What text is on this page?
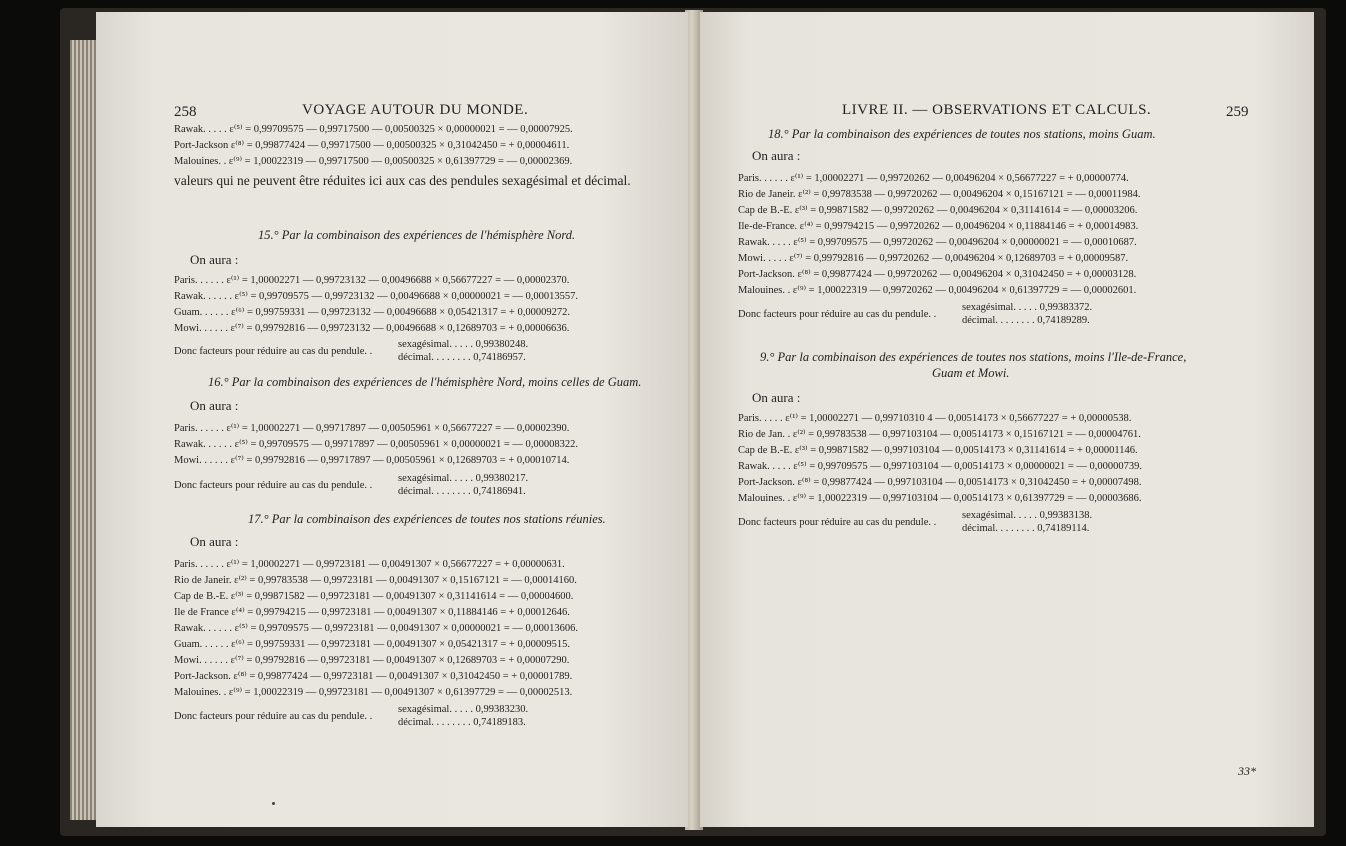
258	VOYAGE AUTOUR DU MONDE.
Rawak. . . . . ε⁽⁵⁾ = 0,99709575 — 0,99717500 — 0,00500325 × 0,00000021 = — 0,00007925.
Port-Jackson ε⁽⁸⁾ = 0,99877424 — 0,99717500 — 0,00500325 × 0,31042450 = + 0,00004611.
Malouines. . ε⁽⁹⁾ = 1,00022319 — 0,99717500 — 0,00500325 × 0,61397729 = — 0,00002369.
valeurs qui ne peuvent être réduites ici aux cas des pendules sexagésimal et décimal.
15.° Par la combinaison des expériences de l'hémisphère Nord.
On aura :
Paris. . . . . . ε⁽¹⁾ = 1,00002271 — 0,99723132 — 0,00496688 × 0,56677227 = — 0,00002370.
Rawak. . . . . . ε⁽⁵⁾ = 0,99709575 — 0,99723132 — 0,00496688 × 0,00000021 = — 0,00013557.
Guam. . . . . . ε⁽⁶⁾ = 0,99759331 — 0,99723132 — 0,00496688 × 0,05421317 = + 0,00009272.
Mowi. . . . . . ε⁽⁷⁾ = 0,99792816 — 0,99723132 — 0,00496688 × 0,12689703 = + 0,00006636.
Donc facteurs pour réduire au cas du pendule. .
sexagésimal. . . . . 0,99380248.
décimal. . . . . . . . 0,74186957.
16.° Par la combinaison des expériences de l'hémisphère Nord, moins celles de Guam.
On aura :
Paris. . . . . . ε⁽¹⁾ = 1,00002271 — 0,99717897 — 0,00505961 × 0,56677227 = — 0,00002390.
Rawak. . . . . . ε⁽⁵⁾ = 0,99709575 — 0,99717897 — 0,00505961 × 0,00000021 = — 0,00008322.
Mowi. . . . . . ε⁽⁷⁾ = 0,99792816 — 0,99717897 — 0,00505961 × 0,12689703 = + 0,00010714.
Donc facteurs pour réduire au cas du pendule. .
sexagésimal. . . . . 0,99380217.
décimal. . . . . . . . 0,74186941.
17.° Par la combinaison des expériences de toutes nos stations réunies.
On aura :
Paris. . . . . . ε⁽¹⁾ = 1,00002271 — 0,99723181 — 0,00491307 × 0,56677227 = + 0,00000631.
Rio de Janeir. ε⁽²⁾ = 0,99783538 — 0,99723181 — 0,00491307 × 0,15167121 = — 0,00014160.
Cap de B.-E. ε⁽³⁾ = 0,99871582 — 0,99723181 — 0,00491307 × 0,31141614 = — 0,00004600.
Ile de France ε⁽⁴⁾ = 0,99794215 — 0,99723181 — 0,00491307 × 0,11884146 = + 0,00012646.
Rawak. . . . . . ε⁽⁵⁾ = 0,99709575 — 0,99723181 — 0,00491307 × 0,00000021 = — 0,00013606.
Guam. . . . . . ε⁽⁶⁾ = 0,99759331 — 0,99723181 — 0,00491307 × 0,05421317 = + 0,00009515.
Mowi. . . . . . ε⁽⁷⁾ = 0,99792816 — 0,99723181 — 0,00491307 × 0,12689703 = + 0,00007290.
Port-Jackson. ε⁽⁸⁾ = 0,99877424 — 0,99723181 — 0,00491307 × 0,31042450 = + 0,00001789.
Malouines. . ε⁽⁹⁾ = 1,00022319 — 0,99723181 — 0,00491307 × 0,61397729 = — 0,00002513.
Donc facteurs pour réduire au cas du pendule. .
sexagésimal. . . . . 0,99383230.
décimal. . . . . . . . 0,74189183.
LIVRE II. — OBSERVATIONS ET CALCULS.	259
18.° Par la combinaison des expériences de toutes nos stations, moins Guam.
On aura :
Paris. . . . . . ε⁽¹⁾ = 1,00002271 — 0,99720262 — 0,00496204 × 0,56677227 = + 0,00000774.
Rio de Janeir. ε⁽²⁾ = 0,99783538 — 0,99720262 — 0,00496204 × 0,15167121 = — 0,00011984.
Cap de B.-E. ε⁽³⁾ = 0,99871582 — 0,99720262 — 0,00496204 × 0,31141614 = — 0,00003206.
Ile-de-France. ε⁽⁴⁾ = 0,99794215 — 0,99720262 — 0,00496204 × 0,11884146 = + 0,00014983.
Rawak. . . . . ε⁽⁵⁾ = 0,99709575 — 0,99720262 — 0,00496204 × 0,00000021 = — 0,00010687.
Mowi. . . . . ε⁽⁷⁾ = 0,99792816 — 0,99720262 — 0,00496204 × 0,12689703 = + 0,00009587.
Port-Jackson. ε⁽⁸⁾ = 0,99877424 — 0,99720262 — 0,00496204 × 0,31042450 = + 0,00003128.
Malouines. . ε⁽⁹⁾ = 1,00022319 — 0,99720262 — 0,00496204 × 0,61397729 = — 0,00002601.
Donc facteurs pour réduire au cas du pendule. .
sexagésimal. . . . . 0,99383372.
décimal. . . . . . . . 0,74189289.
9.° Par la combinaison des expériences de toutes nos stations, moins l'Ile-de-France,
Guam et Mowi.
On aura :
Paris. . . . . ε⁽¹⁾ = 1,00002271 — 0,99710310 4 — 0,00514173 × 0,56677227 = + 0,00000538.
Rio de Jan. . ε⁽²⁾ = 0,99783538 — 0,997103104 — 0,00514173 × 0,15167121 = — 0,00004761.
Cap de B.-E. ε⁽³⁾ = 0,99871582 — 0,997103104 — 0,00514173 × 0,31141614 = + 0,00001146.
Rawak. . . . . ε⁽⁵⁾ = 0,99709575 — 0,997103104 — 0,00514173 × 0,00000021 = — 0,00000739.
Port-Jackson. ε⁽⁸⁾ = 0,99877424 — 0,997103104 — 0,00514173 × 0,31042450 = + 0,00007498.
Malouines. . ε⁽⁹⁾ = 1,00022319 — 0,997103104 — 0,00514173 × 0,61397729 = — 0,00003686.
Donc facteurs pour réduire au cas du pendule. .
sexagésimal. . . . . 0,99383138.
décimal. . . . . . . . 0,74189114.
33*
